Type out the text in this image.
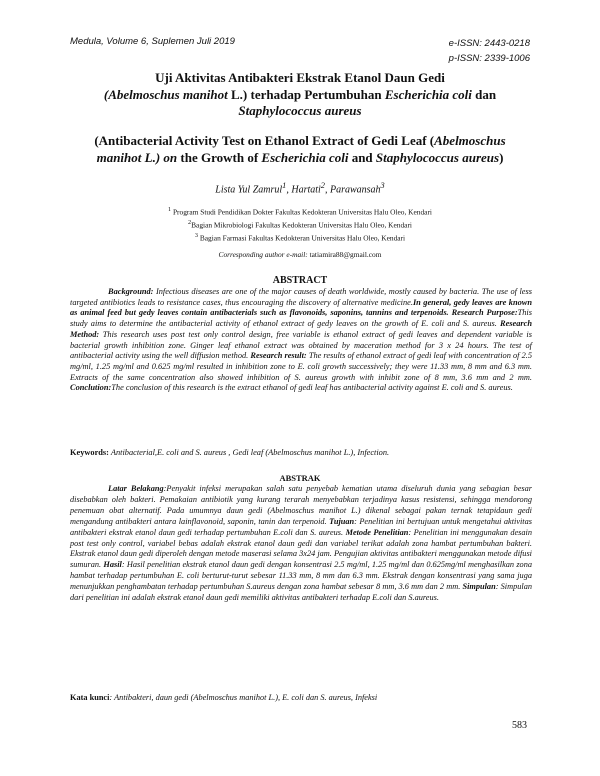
Medula, Volume 6, Suplemen Juli 2019	e-ISSN: 2443-0218
p-ISSN: 2339-1006
Uji Aktivitas Antibakteri Ekstrak Etanol Daun Gedi
(Abelmoschus manihot L.) terhadap Pertumbuhan Escherichia coli dan
Staphylococcus aureus
(Antibacterial Activity Test on Ethanol Extract of Gedi Leaf (Abelmoschus
manihot L.) on the Growth of Escherichia coli and Staphylococcus aureus)
Lista Yul Zamrul$^1$, Hartati$^2$, Parawansah$^3$
$^1$ Program Studi Pendidikan Dokter Fakultas Kedokteran Universitas Halu Oleo, Kendari
$^2$Bagian Mikrobiologi Fakultas Kedokteran Universitas Halu Oleo, Kendari
$^3$ Bagian Farmasi Fakultas Kedokteran Universitas Halu Oleo, Kendari
Corresponding author e-mail: tatiamira88@gmail.com
ABSTRACT

Background: Infectious diseases are one of the major causes of death worldwide, mostly caused by bacteria. The use of less targeted antibiotics leads to resistance cases, thus encouraging the discovery of alternative medicine.In general, gedy leaves are known as animal feed but gedy leaves contain antibacterials such as flavonoids, saponins, tannins and terpenoids. Research Purpose:This study aims to determine the antibacterial activity of ethanol extract of gedy leaves on the growth of E. coli and S. aureus. Research Method: This research uses post test only control design, free variable is ethanol extract of gedi leaves and dependent variable is bacterial growth inhibition zone. Ginger leaf ethanol extract was obtained by maceration method for 3 x 24 hours. The test of antibacterial activity using the well diffusion method. Research result: The results of ethanol extract of gedi leaf with concentration of 2.5 mg/ml, 1.25 mg/ml and 0.625 mg/ml resulted in inhibition zone to E. coli growth successively; they were 11.33 mm, 8 mm and 6.3 mm. Extracts of the same concentration also showed inhibition of S. aureus growth with inhibit zone of 8 mm, 3.6 mm and 2 mm. Conclution:The conclusion of this research is the extract ethanol of gedi leaf has antibacterial activity against E. coli and S. aureus.

Keywords: Antibacterial,E. coli and S. aureus , Gedi leaf (Abelmoschus manihot L.), Infection.

ABSTRAK

Latar Belakang:Penyakit infeksi merupakan salah satu penyebab kematian utama diseluruh dunia yang sebagian besar disebabkan oleh bakteri. Pemakaian antibiotik yang kurang terarah menyebabkan terjadinya kasus resistensi, sehingga mendorong penemuan obat alternatif. Pada umumnya daun gedi (Abelmoschus manihot L.) dikenal sebagai pakan ternak tetapidaun gedi mengandung antibakteri antara lainflavonoid, saponin, tanin dan terpenoid. Tujuan: Penelitian ini bertujuan untuk mengetahui aktivitas antibakteri ekstrak etanol daun gedi terhadap pertumbuhan E.coli dan S. aureus. Metode Penelitian: Penelitian ini menggunakan desain post test only control, variabel bebas adalah ekstrak etanol daun gedi dan variabel terikat adalah zona hambat pertumbuhan bakteri. Ekstrak etanol daun gedi diperoleh dengan metode maserasi selama 3x24 jam. Pengujian aktivitas antibakteri menggunakan metode difusi sumuran. Hasil: Hasil penelitian ekstrak etanol daun gedi dengan konsentrasi 2.5 mg/ml, 1.25 mg/ml dan 0.625mg/ml menghasilkan zona hambat terhadap pertumbuhan E. coli berturut-turut sebesar 11.33 mm, 8 mm dan 6.3 mm. Ekstrak dengan konsentrasi yang sama juga menunjukkan penghambatan terhadap pertumbuhan S.aureus dengan zona hambat sebesar 8 mm, 3.6 mm dan 2 mm. Simpulan: Simpulan dari penelitian ini adalah ekstrak etanol daun gedi memiliki aktivitas antibakteri terhadap E.coli dan S.aureus.

Kata kunci: Antibakteri, daun gedi (Abelmoschus manihot L.), E. coli dan S. aureus, Infeksi

583
